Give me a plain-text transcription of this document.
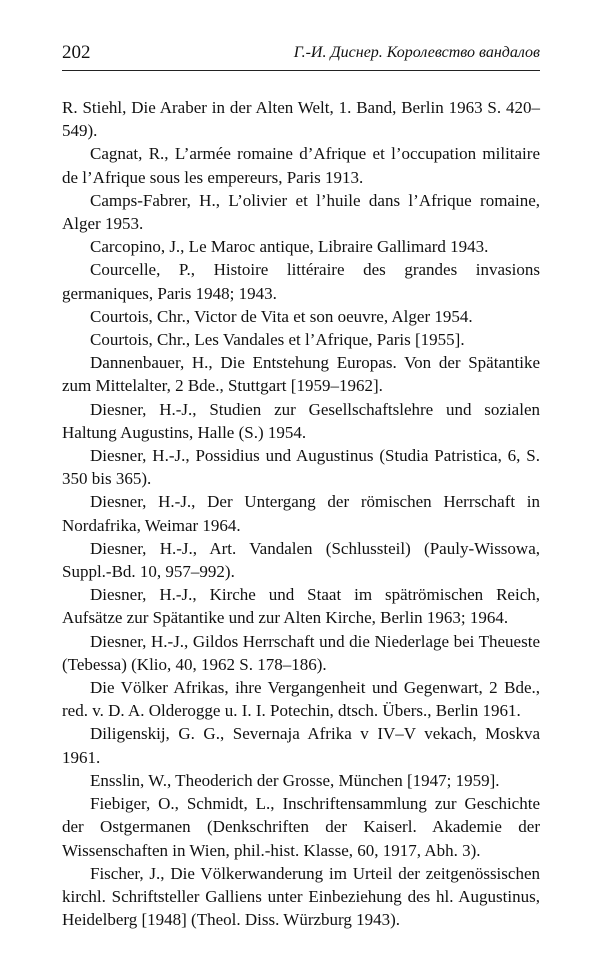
202	Г.-И. Диснер. Королевство вандалов
R. Stiehl, Die Araber in der Alten Welt, 1. Band, Berlin 1963 S. 420–549).
Cagnat, R., L’armée romaine d’Afrique et l’occupation militaire de l’Afrique sous les empereurs, Paris 1913.
Camps-Fabrer, H., L’olivier et l’huile dans l’Afrique romaine, Alger 1953.
Carcopino, J., Le Maroc antique, Libraire Gallimard 1943.
Courcelle, P., Histoire littéraire des grandes invasions germaniques, Paris 1948; 1943.
Courtois, Chr., Victor de Vita et son oeuvre, Alger 1954.
Courtois, Chr., Les Vandales et l’Afrique, Paris [1955].
Dannenbauer, H., Die Entstehung Europas. Von der Spätantike zum Mittelalter, 2 Bde., Stuttgart [1959–1962].
Diesner, H.-J., Studien zur Gesellschaftslehre und sozialen Haltung Augustins, Halle (S.) 1954.
Diesner, H.-J., Possidius und Augustinus (Studia Patristica, 6, S. 350 bis 365).
Diesner, H.-J., Der Untergang der römischen Herrschaft in Nordafrika, Weimar 1964.
Diesner, H.-J., Art. Vandalen (Schlussteil) (Pauly-Wissowa, Suppl.-Bd. 10, 957–992).
Diesner, H.-J., Kirche und Staat im spätrömischen Reich, Aufsätze zur Spätantike und zur Alten Kirche, Berlin 1963; 1964.
Diesner, H.-J., Gildos Herrschaft und die Niederlage bei Theueste (Tebessa) (Klio, 40, 1962 S. 178–186).
Die Völker Afrikas, ihre Vergangenheit und Gegenwart, 2 Bde., red. v. D. A. Olderogge u. I. I. Potechin, dtsch. Übers., Berlin 1961.
Diligenskij, G. G., Severnaja Afrika v IV–V vekach, Moskva 1961.
Ensslin, W., Theoderich der Grosse, München [1947; 1959].
Fiebiger, O., Schmidt, L., Inschriftensammlung zur Geschichte der Ostgermanen (Denkschriften der Kaiserl. Akademie der Wissenschaften in Wien, phil.-hist. Klasse, 60, 1917, Abh. 3).
Fischer, J., Die Völkerwanderung im Urteil der zeitgenössischen kirchl. Schriftsteller Galliens unter Einbeziehung des hl. Augustinus, Heidelberg [1948] (Theol. Diss. Würzburg 1943).
